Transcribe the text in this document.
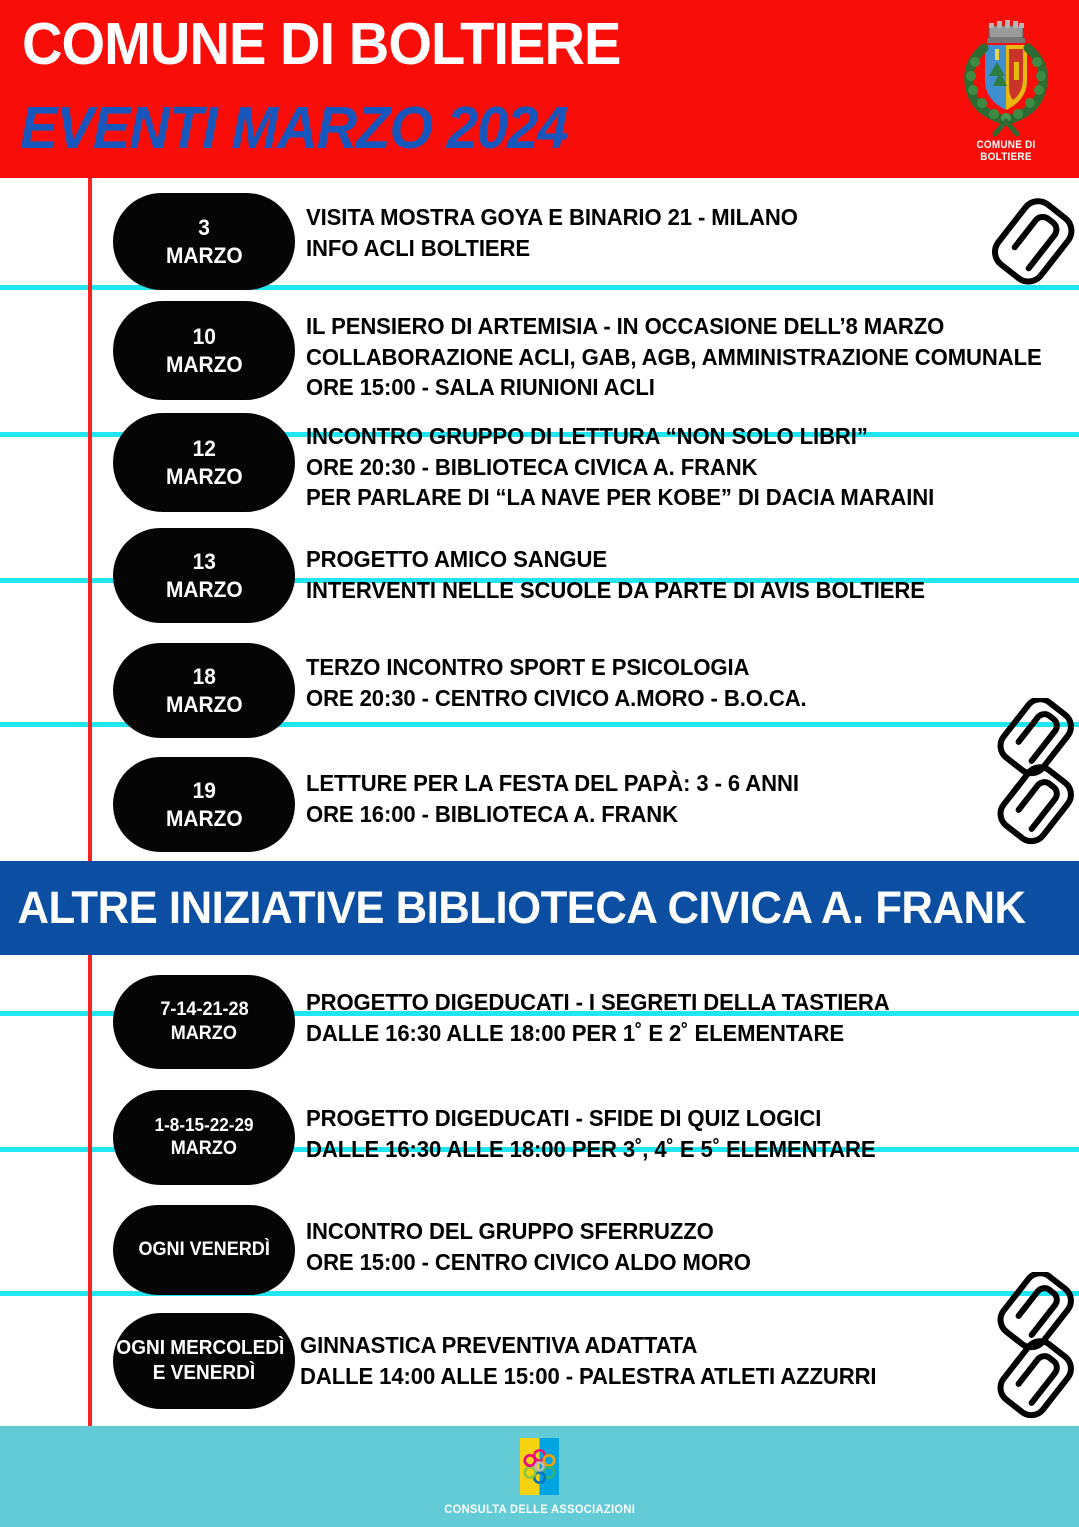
COMUNE DI BOLTIERE
EVENTI MARZO 2024	COMUNE DI BOLTIERE
3
MARZO
VISITA MOSTRA GOYA E BINARIO 21 - MILANO
INFO ACLI BOLTIERE
10
MARZO
IL PENSIERO DI ARTEMISIA - IN OCCASIONE DELL’8 MARZO
COLLABORAZIONE ACLI, GAB, AGB, AMMINISTRAZIONE COMUNALE
ORE 15:00 - SALA RIUNIONI ACLI
12
MARZO
INCONTRO GRUPPO DI LETTURA “NON SOLO LIBRI”
ORE 20:30 - BIBLIOTECA CIVICA A. FRANK
PER PARLARE DI “LA NAVE PER KOBE” DI DACIA MARAINI
13
MARZO
PROGETTO AMICO SANGUE
INTERVENTI NELLE SCUOLE DA PARTE DI AVIS BOLTIERE
18
MARZO
TERZO INCONTRO SPORT E PSICOLOGIA
ORE 20:30 - CENTRO CIVICO A.MORO - B.O.CA.
19
MARZO
LETTURE PER LA FESTA DEL PAPÀ: 3 - 6 ANNI
ORE 16:00 - BIBLIOTECA A. FRANK
ALTRE INIZIATIVE BIBLIOTECA CIVICA A. FRANK
7-14-21-28
MARZO
PROGETTO DIGEDUCATI - I SEGRETI DELLA TASTIERA
DALLE 16:30 ALLE 18:00 PER 1˚ E 2˚ ELEMENTARE
1-8-15-22-29
MARZO
PROGETTO DIGEDUCATI - SFIDE DI QUIZ LOGICI
DALLE 16:30 ALLE 18:00 PER 3˚, 4˚ E 5˚ ELEMENTARE
OGNI VENERDÌ
INCONTRO DEL GRUPPO SFERRUZZO
ORE 15:00 - CENTRO CIVICO ALDO MORO
OGNI MERCOLEDÌ
E VENERDÌ
GINNASTICA PREVENTIVA ADATTATA
DALLE 14:00 ALLE 15:00 - PALESTRA ATLETI AZZURRI
CONSULTA DELLE ASSOCIAZIONI
